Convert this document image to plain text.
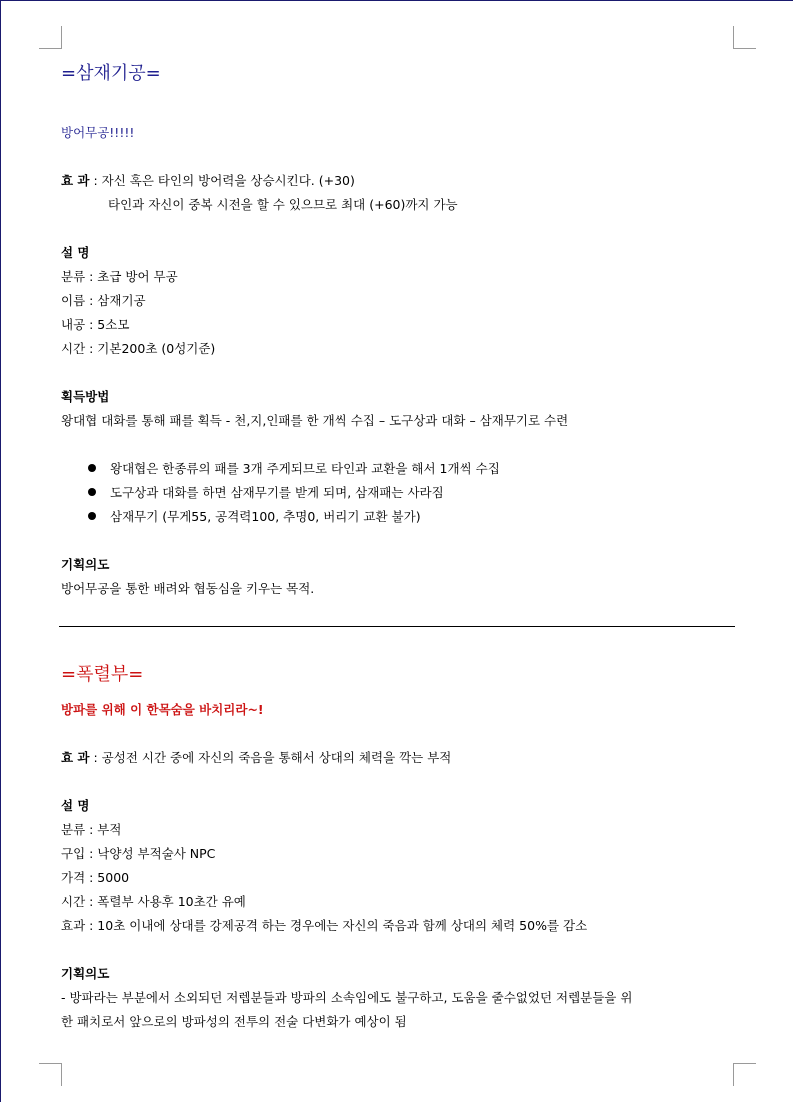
=삼재기공=
방어무공!!!!!
효 과 : 자신 혹은 타인의 방어력을 상승시킨다. (+30)
타인과 자신이 중복 시전을 할 수 있으므로 최대 (+60)까지 가능
설 명
분류 : 초급 방어 무공
이름 : 삼재기공
내공 : 5소모
시간 : 기본200초 (0성기준)
획득방법
왕대협 대화를 통해 패를 획득 - 천,지,인패를 한 개씩 수집 – 도구상과 대화 – 삼재무기로 수련
왕대협은 한종류의 패를 3개 주게되므로 타인과 교환을 해서 1개씩 수집
도구상과 대화를 하면 삼재무기를 받게 되며, 삼재패는 사라짐
삼재무기 (무게55, 공격력100, 추명0, 버리기 교환 불가)
기획의도
방어무공을 통한 배려와 협동심을 키우는 목적.
=폭렬부=
방파를 위해 이 한목숨을 바치리라~!
효 과 : 공성전 시간 중에 자신의 죽음을 통해서 상대의 체력을 깍는 부적
설 명
분류 : 부적
구입 : 낙양성 부적술사 NPC
가격 : 5000
시간 : 폭렬부 사용후 10초간 유예
효과 : 10초 이내에 상대를 강제공격 하는 경우에는 자신의 죽음과 함께 상대의 체력 50%를 감소
기획의도
- 방파라는 부분에서 소외되던 저렙분들과 방파의 소속임에도 불구하고, 도움을 줄수없었던 저렙분들을 위
한 패치로서 앞으로의 방파성의 전투의 전술 다변화가 예상이 됨
